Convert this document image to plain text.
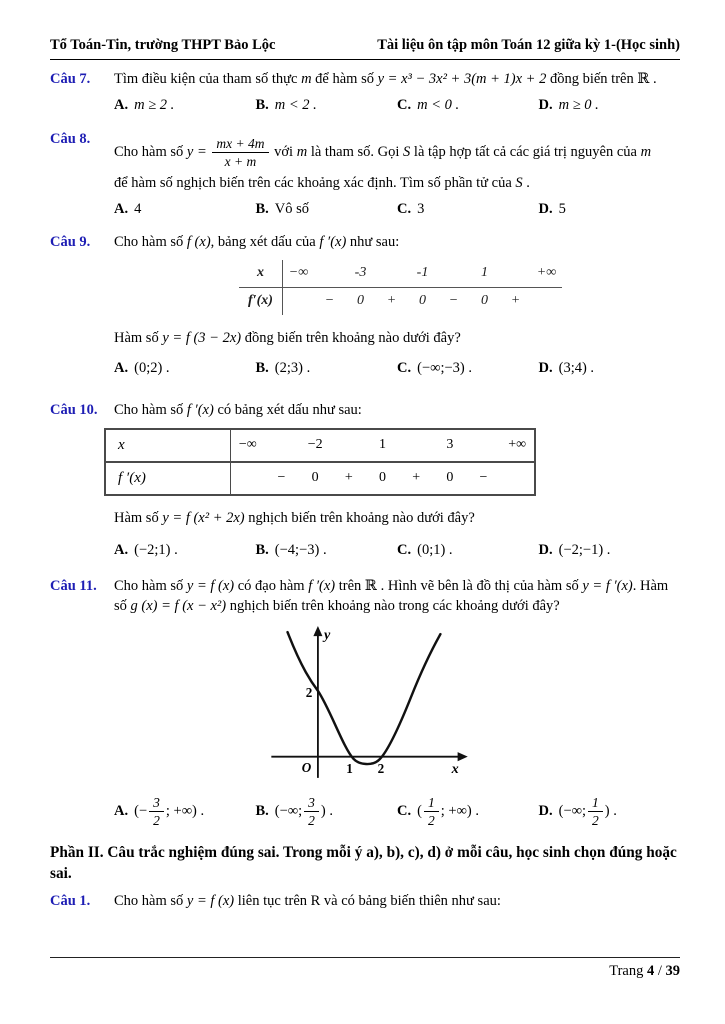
Tổ Toán-Tin, trường THPT Bảo Lộc	Tài liệu ôn tập môn Toán 12 giữa kỳ 1-(Học sinh)
Câu 7.	Tìm điều kiện của tham số thực m để hàm số y = x³ − 3x² + 3(m + 1)x + 2 đồng biến trên ℝ .
A. m ≥ 2 .	B. m < 2 .	C. m < 0 .	D. m ≥ 0 .
Câu 8.
Cho hàm số $y = \frac{mx + 4m}{x + m}$ với m là tham số. Gọi S là tập hợp tất cả các giá trị nguyên của m
để hàm số nghịch biến trên các khoảng xác định. Tìm số phần tử của S .
A. 4	B. Vô số	C. 3	D. 5
Câu 9.	Cho hàm số f (x), bảng xét dấu của f ′(x) như sau:
x	−∞	-3	-1	1	+∞
f′(x)	−	0	+	0	−	0	+
Hàm số y = f (3 − 2x) đồng biến trên khoảng nào dưới đây?
A. (0;2) .	B. (2;3) .	C. (−∞;−3) .	D. (3;4) .
Câu 10.	Cho hàm số f ′(x) có bảng xét dấu như sau:
x	−∞	−2	1	3	+∞
f ′(x)	−	0	+	0	+	0	−
Hàm số y = f (x² + 2x) nghịch biến trên khoảng nào dưới đây?
A. (−2;1) .	B. (−4;−3) .	C. (0;1) .	D. (−2;−1) .
Câu 11.	Cho hàm số y = f (x) có đạo hàm f ′(x) trên ℝ . Hình vẽ bên là đồ thị của hàm số y = f ′(x). Hàm số g (x) = f (x − x²) nghịch biến trên khoảng nào trong các khoảng dưới đây?
y
x
O
2
1 2
A. (− $\frac{3}{2}$ ; +∞) .	B. (−∞; $\frac{3}{2}$ ) .	C. ( $\frac{1}{2}$ ; +∞) .	D. (−∞; $\frac{1}{2}$ ) .
Phần II. Câu trắc nghiệm đúng sai. Trong mỗi ý a), b), c), d) ở mỗi câu, học sinh chọn đúng hoặc sai.
Câu 1.	Cho hàm số y = f (x) liên tục trên R và có bảng biến thiên như sau:
Trang 4 / 39
